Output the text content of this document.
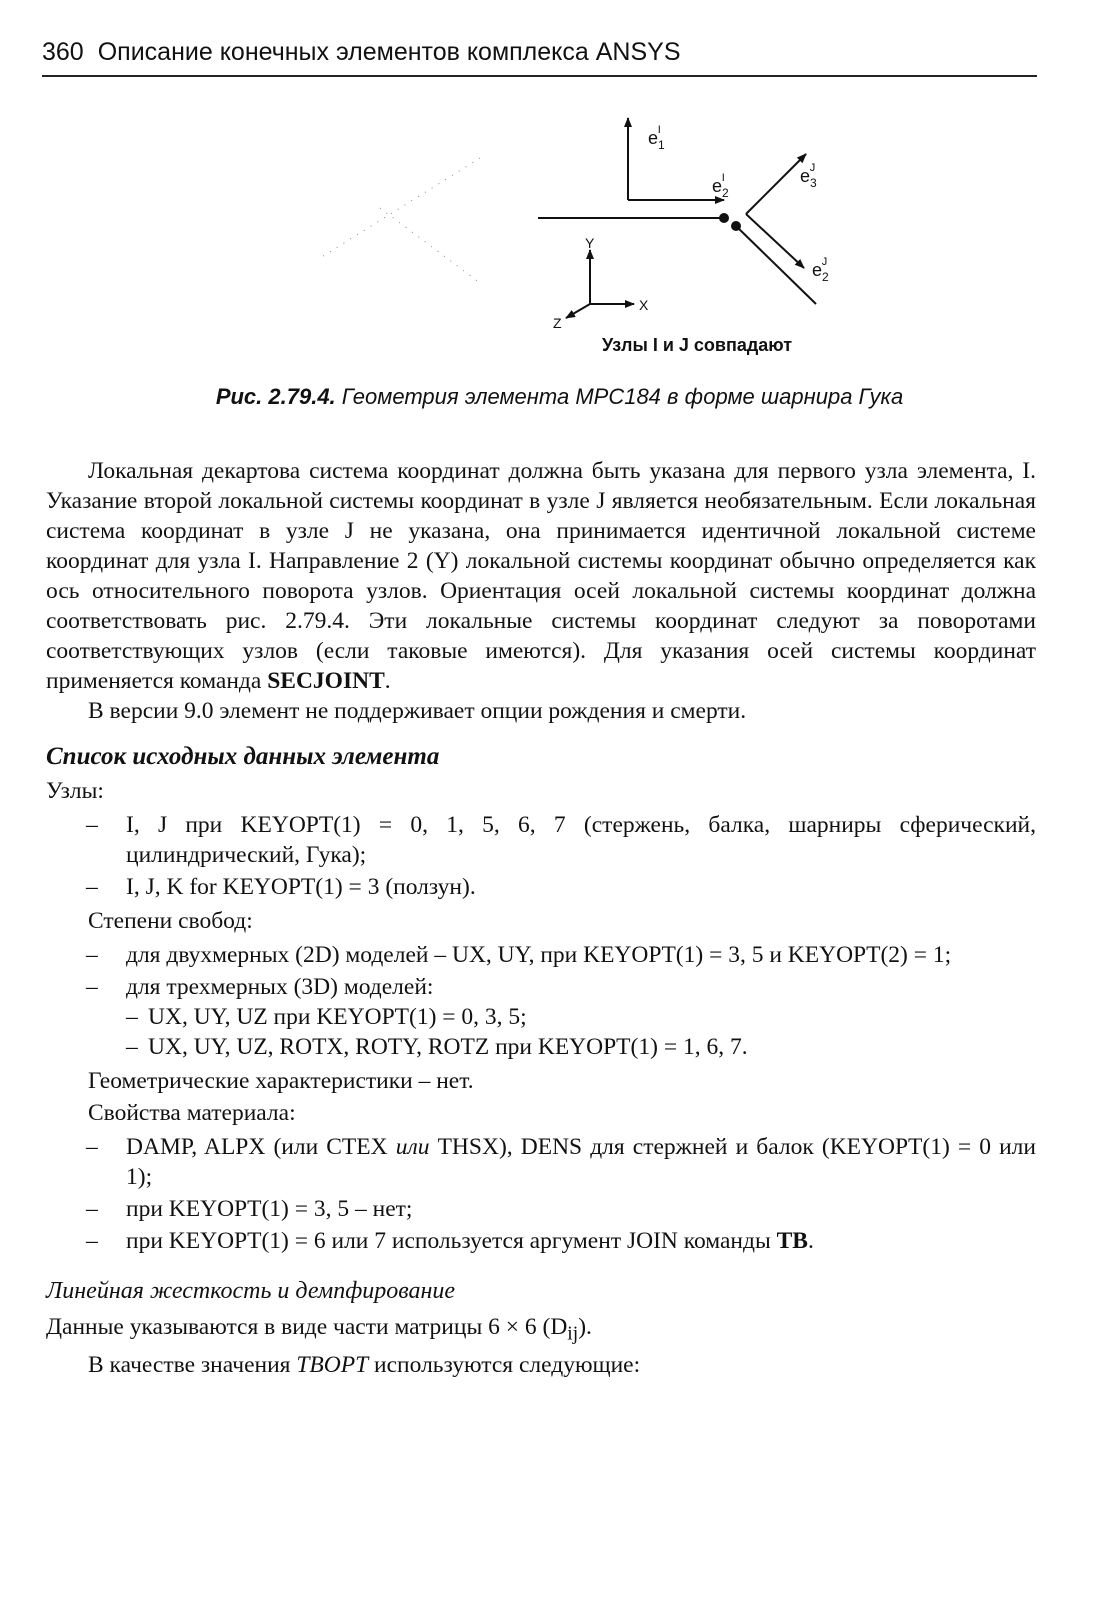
360 Описание конечных элементов комплекса ANSYS
$e_1I$
$e_2I$	$e_3J$
$e_2J$
Y
X
Z
Узлы I и J совпадают
Рис. 2.79.4. Геометрия элемента MPC184 в форме шарнира Гука

Локальная декартова система координат должна быть указана для первого узла элемента, I. Указание второй локальной системы координат в узле J является необязательным. Если локальная система координат в узле J не указана, она принимается идентичной локальной системе координат для узла I. Направление 2 (Y) локальной системы координат обычно определяется как ось относительного поворота узлов. Ориентация осей локальной системы координат должна соответствовать рис. 2.79.4. Эти локальные системы координат следуют за поворотами соответствующих узлов (если таковые имеются). Для указания осей системы координат применяется команда SECJOINT.

В версии 9.0 элемент не поддерживает опции рождения и смерти.

Список исходных данных элемента
Узлы:
– I, J при KEYOPT(1) = 0, 1, 5, 6, 7 (стержень, балка, шарниры сферический, цилиндрический, Гука);
– I, J, K for KEYOPT(1) = 3 (ползун).
Степени свобод:
– для двухмерных (2D) моделей – UX, UY, при KEYOPT(1) = 3, 5 и KEYOPT(2) = 1;
– для трехмерных (3D) моделей:
– UX, UY, UZ при KEYOPT(1) = 0, 3, 5;
– UX, UY, UZ, ROTX, ROTY, ROTZ при KEYOPT(1) = 1, 6, 7.
Геометрические характеристики – нет.
Свойства материала:
– DAMP, ALPX (или CTEX или THSX), DENS для стержней и балок (KEYOPT(1) = 0 или 1);
– при KEYOPT(1) = 3, 5 – нет;
– при KEYOPT(1) = 6 или 7 используется аргумент JOIN команды TB.
Линейная жесткость и демпфирование

Данные указываются в виде части матрицы 6 × 6 $(D_{ij})$.

В качестве значения TBOPT используются следующие:
